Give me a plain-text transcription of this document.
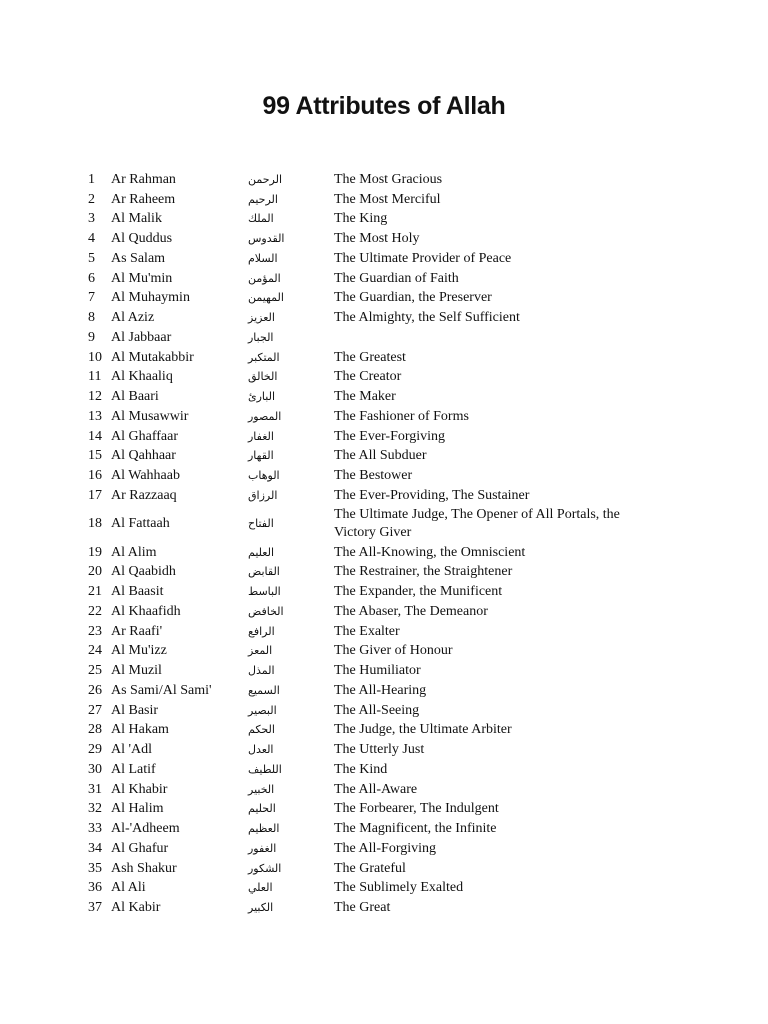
99 Attributes of Allah
1	Ar Rahman	الرحمن	The Most Gracious
2	Ar Raheem	الرحيم	The Most Merciful
3	Al Malik	الملك	The King
4	Al Quddus	القدوس	The Most Holy
5	As Salam	السلام	The Ultimate Provider of Peace
6	Al Mu'min	المؤمن	The Guardian of Faith
7	Al Muhaymin	المهيمن	The Guardian, the Preserver
8	Al Aziz	العزيز	The Almighty, the Self Sufficient
9	Al Jabbaar	الجبار	
10	Al Mutakabbir	المتكبر	The Greatest
11	Al Khaaliq	الخالق	The Creator
12	Al Baari	البارئ	The Maker
13	Al Musawwir	المصور	The Fashioner of Forms
14	Al Ghaffaar	الغفار	The Ever-Forgiving
15	Al Qahhaar	القهار	The All Subduer
16	Al Wahhaab	الوهاب	The Bestower
17	Ar Razzaaq	الرزاق	The Ever-Providing, The Sustainer
18	Al Fattaah	الفتاح	The Ultimate Judge, The Opener of All Portals, the Victory Giver
19	Al Alim	العليم	The All-Knowing, the Omniscient
20	Al Qaabidh	القابض	The Restrainer, the Straightener
21	Al Baasit	الباسط	The Expander, the Munificent
22	Al Khaafidh	الخافض	The Abaser, The Demeanor
23	Ar Raafi'	الرافع	The Exalter
24	Al Mu'izz	المعز	The Giver of Honour
25	Al Muzil	المذل	The Humiliator
26	As Sami/Al Sami'	السميع	The All-Hearing
27	Al Basir	البصير	The All-Seeing
28	Al Hakam	الحكم	The Judge, the Ultimate Arbiter
29	Al 'Adl	العدل	The Utterly Just
30	Al Latif	اللطيف	The Kind
31	Al Khabir	الخبير	The All-Aware
32	Al Halim	الحليم	The Forbearer, The Indulgent
33	Al-'Adheem	العظيم	The Magnificent, the Infinite
34	Al Ghafur	الغفور	The All-Forgiving
35	Ash Shakur	الشكور	The Grateful
36	Al Ali	العلي	The Sublimely Exalted
37	Al Kabir	الكبير	The Great
